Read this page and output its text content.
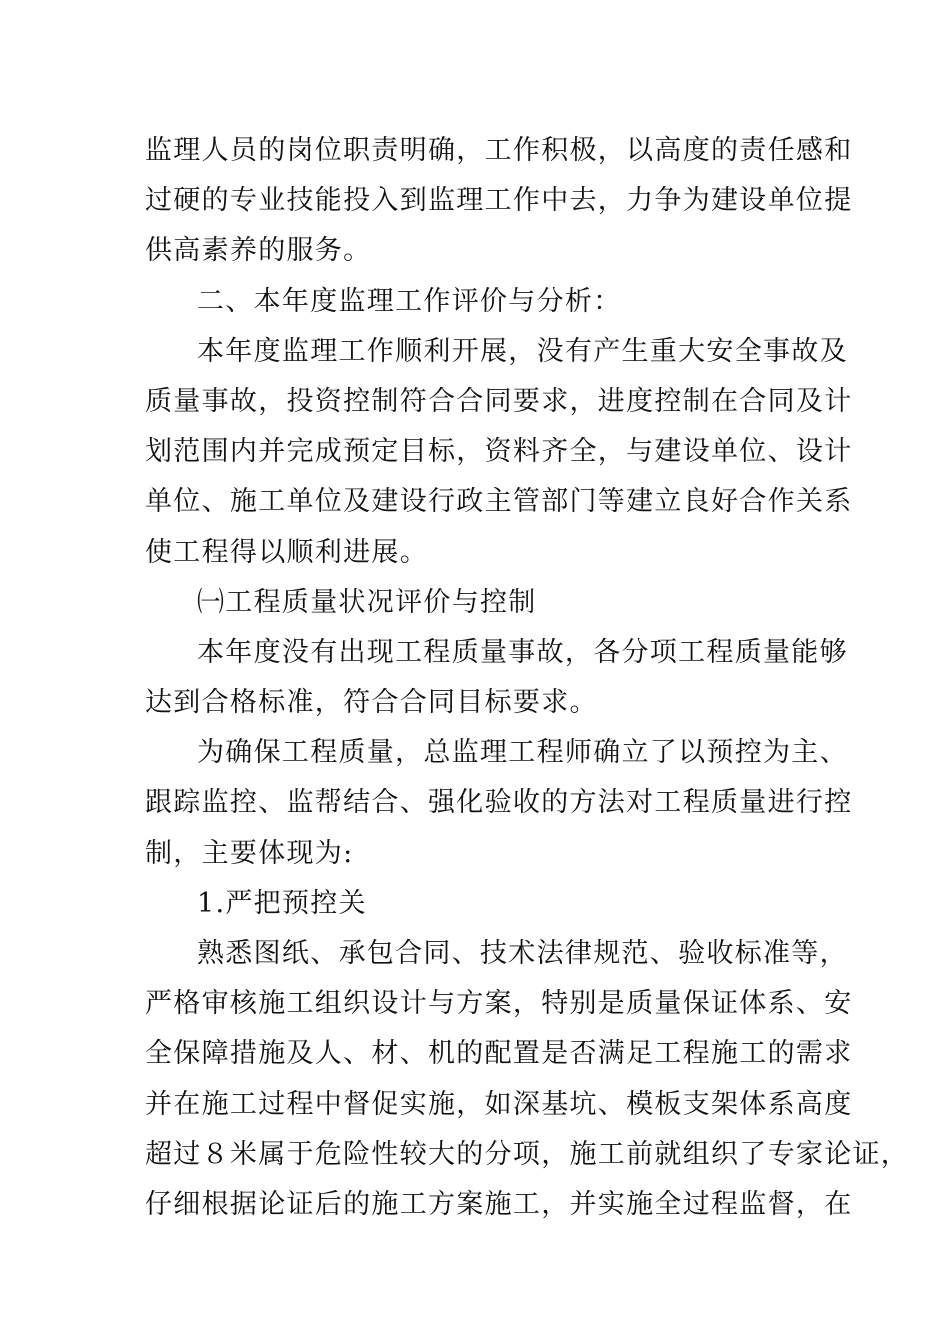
监理人员的岗位职责明确，工作积极，以高度的责任感和
过硬的专业技能投入到监理工作中去，力争为建设单位提
供高素养的服务。
二、本年度监理工作评价与分析：
本年度监理工作顺利开展，没有产生重大安全事故及
质量事故，投资控制符合合同要求，进度控制在合同及计
划范围内并完成预定目标，资料齐全，与建设单位、设计
单位、施工单位及建设行政主管部门等建立良好合作关系
使工程得以顺利进展。
㈠工程质量状况评价与控制
本年度没有出现工程质量事故，各分项工程质量能够
达到合格标准，符合合同目标要求。
为确保工程质量，总监理工程师确立了以预控为主、
跟踪监控、监帮结合、强化验收的方法对工程质量进行控
制，主要体现为:
1.严把预控关
熟悉图纸、承包合同、技术法律规范、验收标准等，
严格审核施工组织设计与方案，特别是质量保证体系、安
全保障措施及人、材、机的配置是否满足工程施工的需求
并在施工过程中督促实施，如深基坑、模板支架体系高度
超过８米属于危险性较大的分项，施工前就组织了专家论证，
仔细根据论证后的施工方案施工，并实施全过程监督，在
